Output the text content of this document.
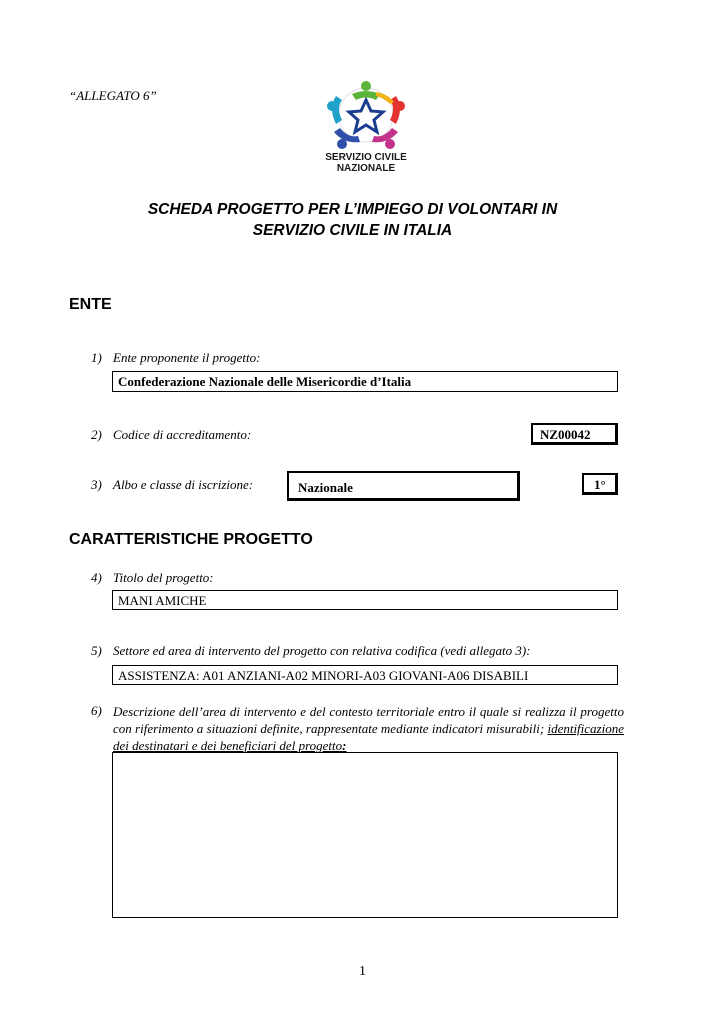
“ALLEGATO 6”
SERVIZIO CIVILE
NAZIONALE
SCHEDA PROGETTO PER L’IMPIEGO DI VOLONTARI IN
SERVIZIO CIVILE IN ITALIA
ENTE
1) Ente proponente il progetto:
Confederazione Nazionale delle Misericordie d’Italia
2) Codice di accreditamento:	NZ00042
3) Albo e classe di iscrizione:	Nazionale	1°
CARATTERISTICHE PROGETTO
4) Titolo del progetto:
MANI AMICHE
5) Settore ed area di intervento del progetto con relativa codifica (vedi allegato 3):
ASSISTENZA: A01 ANZIANI-A02 MINORI-A03 GIOVANI-A06 DISABILI
6) Descrizione dell’area di intervento e del contesto territoriale entro il quale si realizza il progetto con riferimento a situazioni definite, rappresentate mediante indicatori misurabili; identificazione dei destinatari e dei beneficiari del progetto:
1
